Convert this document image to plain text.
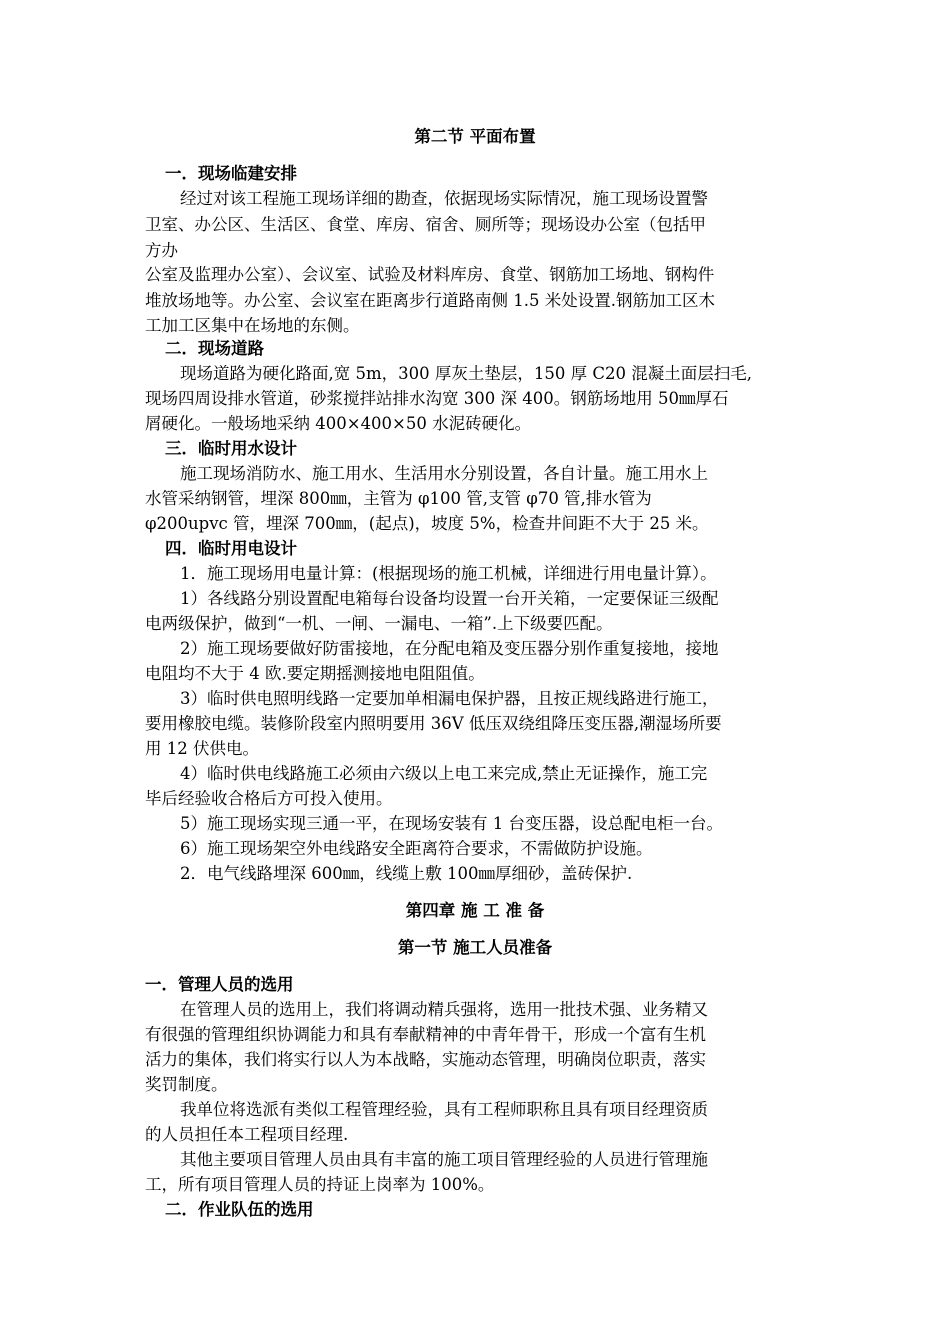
第二节 平面布置
一．现场临建安排
经过对该工程施工现场详细的勘查，依据现场实际情况，施工现场设置警
卫室、办公区、生活区、食堂、库房、宿舍、厕所等；现场设办公室（包括甲
方办
公室及监理办公室）、会议室、试验及材料库房、食堂、钢筋加工场地、钢构件
堆放场地等。办公室、会议室在距离步行道路南侧 1.5 米处设置.钢筋加工区木
工加工区集中在场地的东侧。
二．现场道路
现场道路为硬化路面,宽 5m，300 厚灰土垫层，150 厚 C20 混凝土面层扫毛,
现场四周设排水管道，砂浆搅拌站排水沟宽 300 深 400。钢筋场地用 50㎜厚石
屑硬化。一般场地采纳 400×400×50 水泥砖硬化。
三．临时用水设计
施工现场消防水、施工用水、生活用水分别设置，各自计量。施工用水上
水管采纳钢管，埋深 800㎜，主管为 φ100 管,支管 φ70 管,排水管为
φ200upvc 管，埋深 700㎜，(起点)，坡度 5%，检查井间距不大于 25 米。
四．临时用电设计
1．施工现场用电量计算：(根据现场的施工机械，详细进行用电量计算）。
1）各线路分别设置配电箱每台设备均设置一台开关箱，一定要保证三级配
电两级保护，做到“一机、一闸、一漏电、一箱”.上下级要匹配。
2）施工现场要做好防雷接地，在分配电箱及变压器分别作重复接地，接地
电阻均不大于 4 欧.要定期摇测接地电阻阻值。
3）临时供电照明线路一定要加单相漏电保护器，且按正规线路进行施工，
要用橡胶电缆。装修阶段室内照明要用 36V 低压双绕组降压变压器,潮湿场所要
用 12 伏供电。
4）临时供电线路施工必须由六级以上电工来完成,禁止无证操作，施工完
毕后经验收合格后方可投入使用。
5）施工现场实现三通一平，在现场安装有 1 台变压器，设总配电柜一台。
6）施工现场架空外电线路安全距离符合要求，不需做防护设施。
2．电气线路埋深 600㎜，线缆上敷 100㎜厚细砂，盖砖保护.
第四章 施 工 准 备
第一节 施工人员准备
一．管理人员的选用
在管理人员的选用上，我们将调动精兵强将，选用一批技术强、业务精又
有很强的管理组织协调能力和具有奉献精神的中青年骨干，形成一个富有生机
活力的集体，我们将实行以人为本战略，实施动态管理，明确岗位职责，落实
奖罚制度。
我单位将选派有类似工程管理经验，具有工程师职称且具有项目经理资质
的人员担任本工程项目经理.
其他主要项目管理人员由具有丰富的施工项目管理经验的人员进行管理施
工，所有项目管理人员的持证上岗率为 100%。
二．作业队伍的选用
